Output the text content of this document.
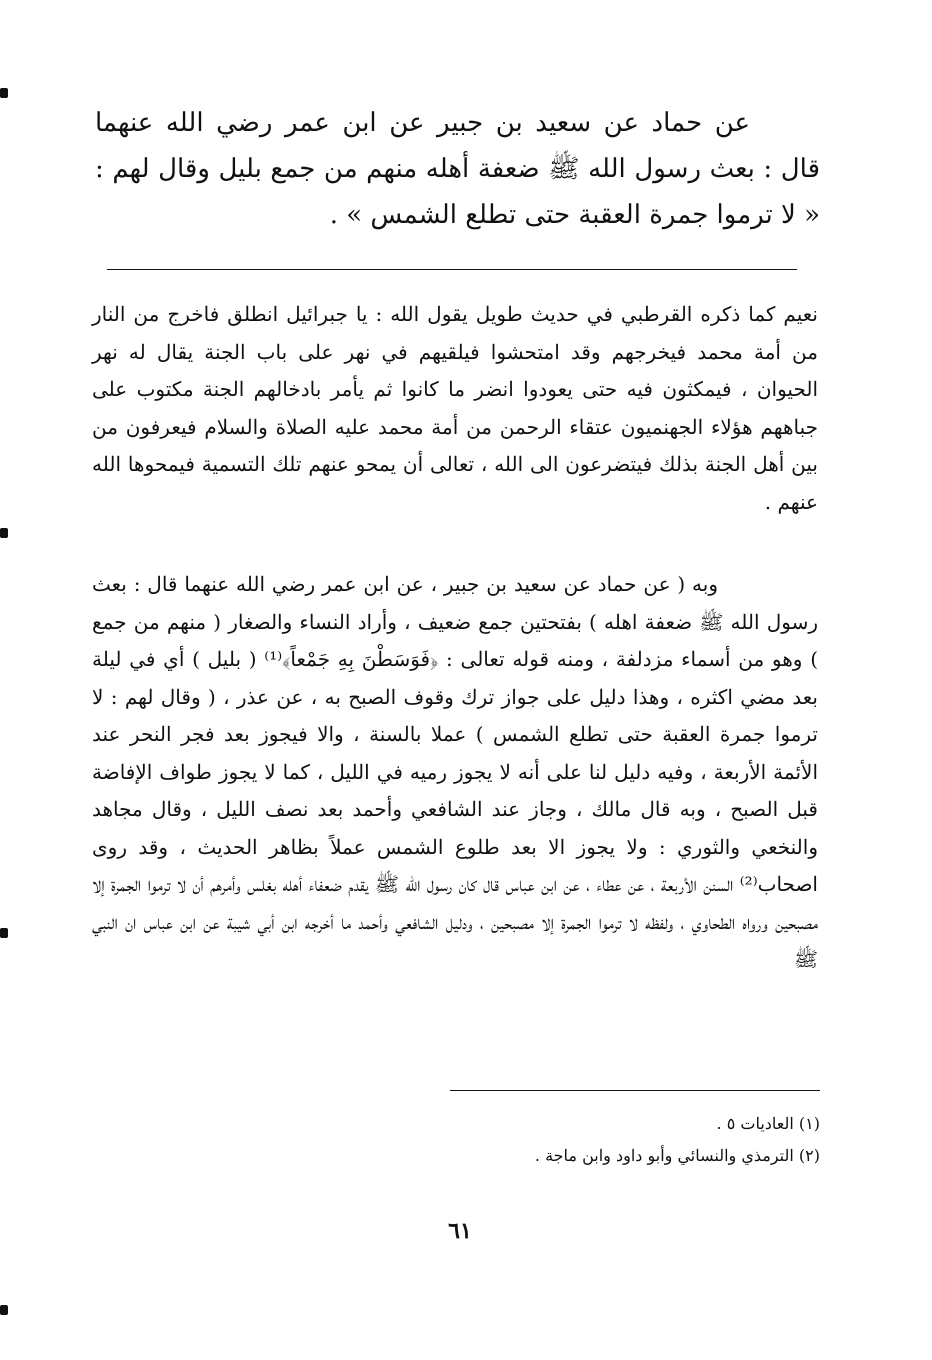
عن حماد عن سعيد بن جبير عن ابن عمر رضي الله عنهما قال : بعث رسول الله ﷺ ضعفة أهله منهم من جمع بليل وقال لهم : « لا ترموا جمرة العقبة حتى تطلع الشمس » .

نعيم كما ذكره القرطبي في حديث طويل يقول الله : يا جبرائيل انطلق فاخرج من النار من أمة محمد فيخرجهم وقد امتحشوا فيلقيهم في نهر على باب الجنة يقال له نهر الحيوان ، فيمكثون فيه حتى يعودوا انضر ما كانوا ثم يأمر بادخالهم الجنة مكتوب على جباههم هؤلاء الجهنميون عتقاء الرحمن من أمة محمد عليه الصلاة والسلام فيعرفون من بين أهل الجنة بذلك فيتضرعون الى الله ، تعالى أن يمحو عنهم تلك التسمية فيمحوها الله عنهم .

وبه ( عن حماد عن سعيد بن جبير ، عن ابن عمر رضي الله عنهما قال : بعث رسول الله ﷺ ضعفة اهله ) بفتحتين جمع ضعيف ، وأراد النساء والصغار ( منهم من جمع ) وهو من أسماء مزدلفة ، ومنه قوله تعالى : ﴿فَوَسَطْنَ بِهِ جَمْعاً﴾⁽¹⁾ ( بليل ) أي في ليلة بعد مضي اكثره ، وهذا دليل على جواز ترك وقوف الصبح به ، عن عذر ، ( وقال لهم : لا ترموا جمرة العقبة حتى تطلع الشمس ) عملا بالسنة ، والا فيجوز بعد فجر النحر عند الأئمة الأربعة ، وفيه دليل لنا على أنه لا يجوز رميه في الليل ، كما لا يجوز طواف الإفاضة قبل الصبح ، وبه قال مالك ، وجاز عند الشافعي وأحمد بعد نصف الليل ، وقال مجاهد والنخعي والثوري : ولا يجوز الا بعد طلوع الشمس عملاً بظاهر الحديث ، وقد روى اصحاب⁽²⁾ السنن الأربعة ، عن عطاء ، عن ابن عباس قال كان رسول الله ﷺ يقدم ضعفاء أهله بغلس وأمرهم أن لا ترموا الجمرة إلا مصبحين ورواه الطحاوي ، ولفظه لا ترموا الجمرة إلا مصبحين ، ودليل الشافعي وأحمد ما أخرجه ابن أبي شيبة عن ابن عباس ان النبي ﷺ

(١) العاديات ٥ .
(٢) الترمذي والنسائي وأبو داود وابن ماجة .
٦١
